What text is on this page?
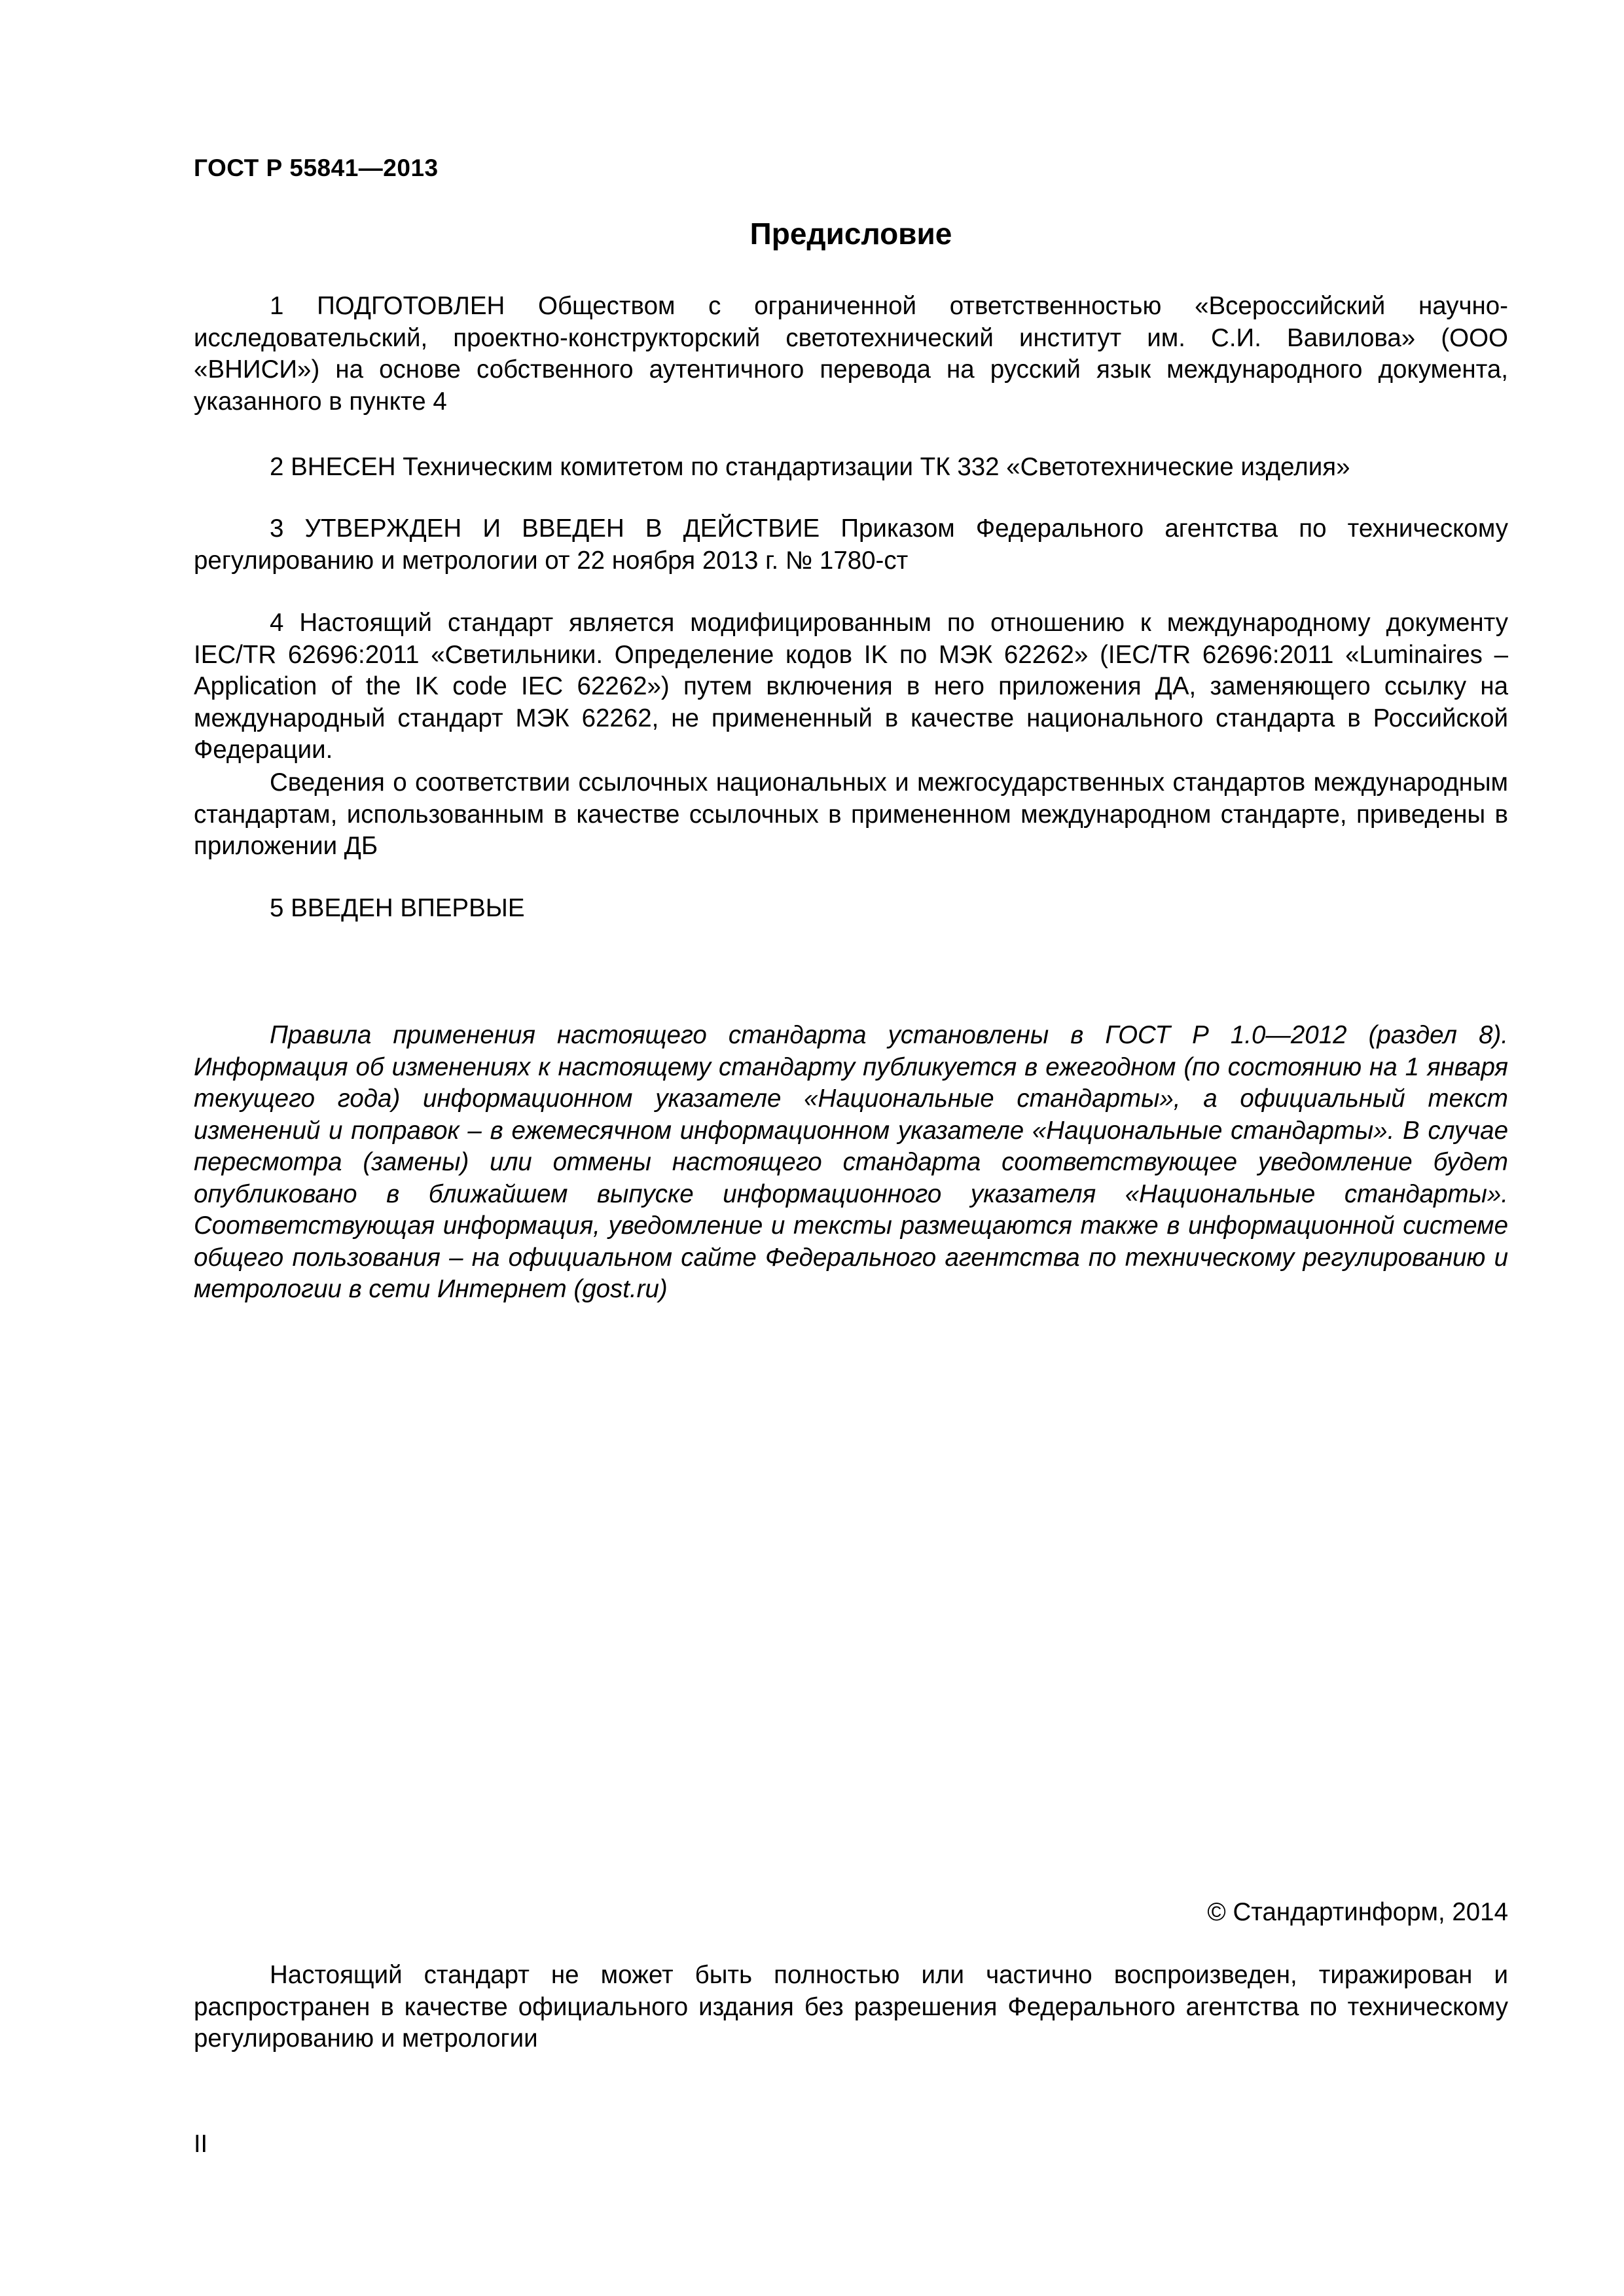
ГОСТ Р 55841—2013
Предисловие

1 ПОДГОТОВЛЕН Обществом с ограниченной ответственностью «Всероссийский научно-исследовательский, проектно-конструкторский светотехнический институт им. С.И. Вавилова» (ООО «ВНИСИ») на основе собственного аутентичного перевода на русский язык международного документа, указанного в пункте 4

2 ВНЕСЕН Техническим комитетом по стандартизации ТК 332 «Светотехнические изделия»

3 УТВЕРЖДЕН И ВВЕДЕН В ДЕЙСТВИЕ Приказом Федерального агентства по техническому регулированию и метрологии от 22 ноября 2013 г. № 1780-ст

4 Настоящий стандарт является модифицированным по отношению к международному документу IEC/TR 62696:2011 «Светильники. Определение кодов IK по МЭК 62262» (IEC/TR 62696:2011 «Luminaires – Application of the IK code IEC 62262») путем включения в него приложения ДА, заменяющего ссылку на международный стандарт МЭК 62262, не примененный в качестве национального стандарта в Российской Федерации.

Сведения о соответствии ссылочных национальных и межгосударственных стандартов международным стандартам, использованным в качестве ссылочных в примененном международном стандарте, приведены в приложении ДБ

5 ВВЕДЕН ВПЕРВЫЕ

Правила применения настоящего стандарта установлены в ГОСТ Р 1.0—2012 (раздел 8). Информация об изменениях к настоящему стандарту публикуется в ежегодном (по состоянию на 1 января текущего года) информационном указателе «Национальные стандарты», а официальный текст изменений и поправок – в ежемесячном информационном указателе «Национальные стандарты». В случае пересмотра (замены) или отмены настоящего стандарта соответствующее уведомление будет опубликовано в ближайшем выпуске информационного указателя «Национальные стандарты». Соответствующая информация, уведомление и тексты размещаются также в информационной системе общего пользования – на официальном сайте Федерального агентства по техническому регулированию и метрологии в сети Интернет (gost.ru)

© Стандартинформ, 2014

Настоящий стандарт не может быть полностью или частично воспроизведен, тиражирован и распространен в качестве официального издания без разрешения Федерального агентства по техническому регулированию и метрологии

II
